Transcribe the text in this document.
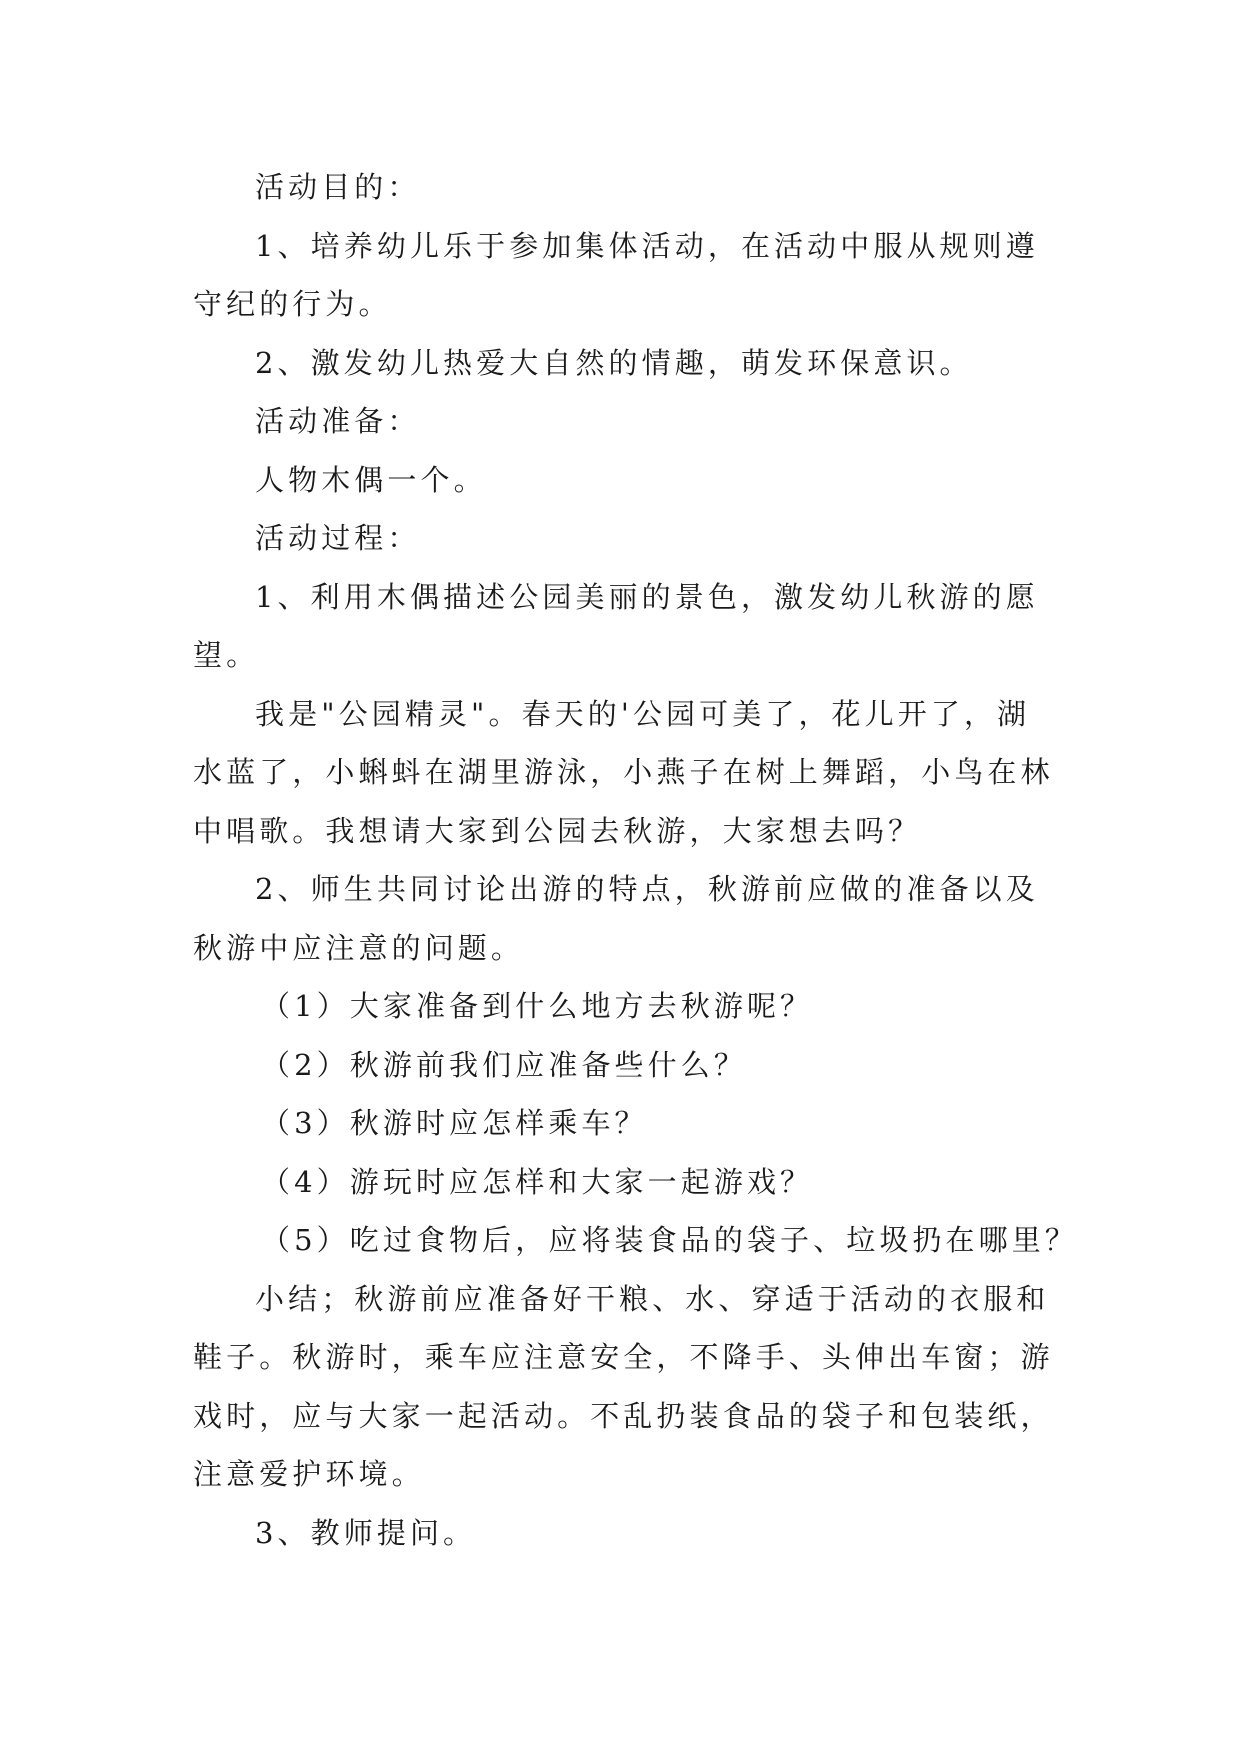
活动目的：

1、培养幼儿乐于参加集体活动，在活动中服从规则遵

守纪的行为。

2、激发幼儿热爱大自然的情趣，萌发环保意识。

活动准备：

人物木偶一个。

活动过程：

1、利用木偶描述公园美丽的景色，激发幼儿秋游的愿

望。

我是"公园精灵"。春天的'公园可美了，花儿开了，湖

水蓝了，小蝌蚪在湖里游泳，小燕子在树上舞蹈，小鸟在林

中唱歌。我想请大家到公园去秋游，大家想去吗？

2、师生共同讨论出游的特点，秋游前应做的准备以及

秋游中应注意的问题。

（1）大家准备到什么地方去秋游呢？

（2）秋游前我们应准备些什么？

（3）秋游时应怎样乘车？

（4）游玩时应怎样和大家一起游戏？

（5）吃过食物后，应将装食品的袋子、垃圾扔在哪里？

小结；秋游前应准备好干粮、水、穿适于活动的衣服和

鞋子。秋游时，乘车应注意安全，不降手、头伸出车窗；游

戏时，应与大家一起活动。不乱扔装食品的袋子和包装纸，

注意爱护环境。

3、教师提问。
